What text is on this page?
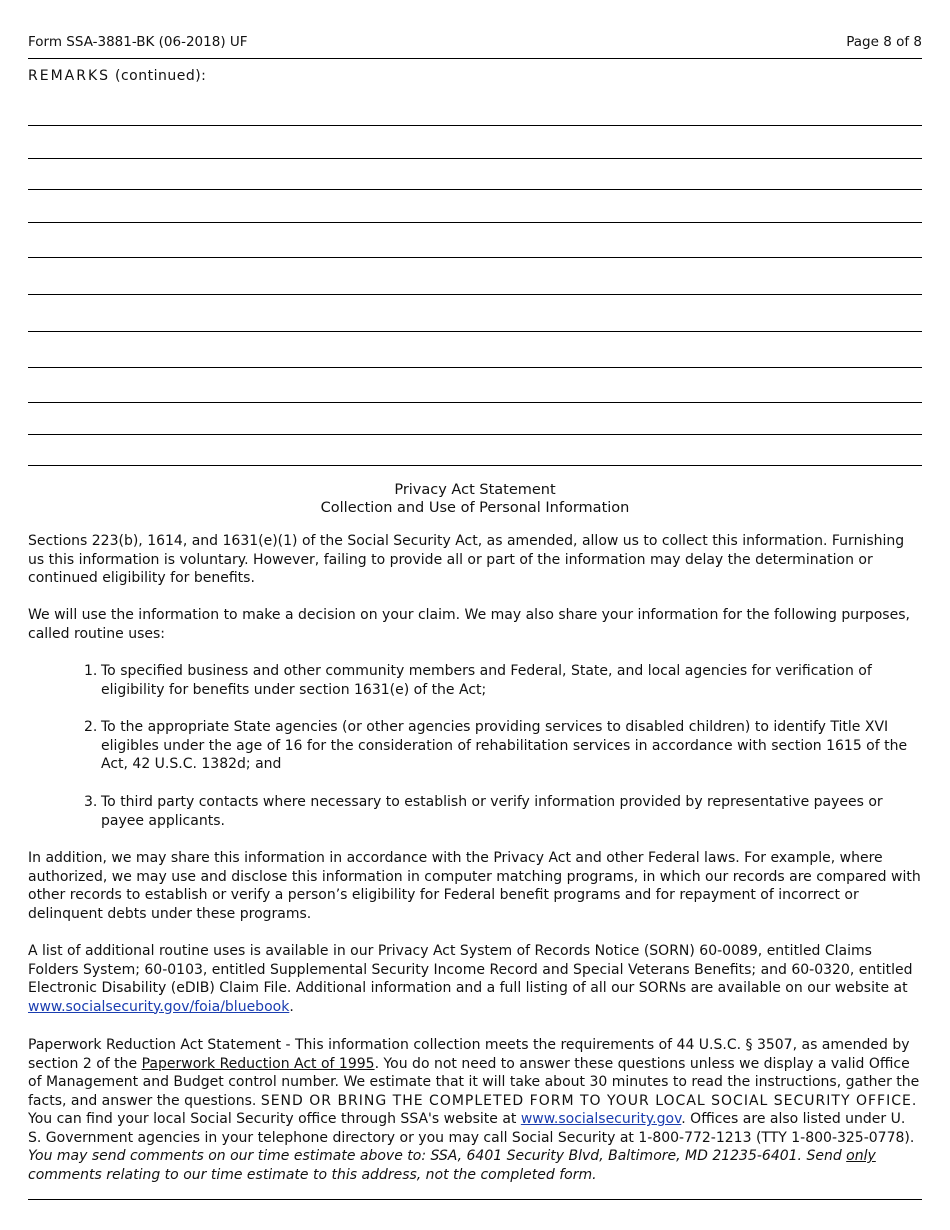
Form SSA-3881-BK (06-2018) UF	Page 8 of 8
REMARKS (continued):
Privacy Act Statement
Collection and Use of Personal Information
Sections 223(b), 1614, and 1631(e)(1) of the Social Security Act, as amended, allow us to collect this information. Furnishing us this information is voluntary. However, failing to provide all or part of the information may delay the determination or continued eligibility for benefits.
We will use the information to make a decision on your claim. We may also share your information for the following purposes, called routine uses:
1. To specified business and other community members and Federal, State, and local agencies for verification of eligibility for benefits under section 1631(e) of the Act;
2. To the appropriate State agencies (or other agencies providing services to disabled children) to identify Title XVI eligibles under the age of 16 for the consideration of rehabilitation services in accordance with section 1615 of the Act, 42 U.S.C. 1382d; and
3. To third party contacts where necessary to establish or verify information provided by representative payees or payee applicants.
In addition, we may share this information in accordance with the Privacy Act and other Federal laws. For example, where authorized, we may use and disclose this information in computer matching programs, in which our records are compared with other records to establish or verify a person’s eligibility for Federal benefit programs and for repayment of incorrect or delinquent debts under these programs.
A list of additional routine uses is available in our Privacy Act System of Records Notice (SORN) 60-0089, entitled Claims Folders System; 60-0103, entitled Supplemental Security Income Record and Special Veterans Benefits; and 60-0320, entitled Electronic Disability (eDIB) Claim File. Additional information and a full listing of all our SORNs are available on our website at www.socialsecurity.gov/foia/bluebook.
Paperwork Reduction Act Statement - This information collection meets the requirements of 44 U.S.C. § 3507, as amended by section 2 of the Paperwork Reduction Act of 1995. You do not need to answer these questions unless we display a valid Office of Management and Budget control number. We estimate that it will take about 30 minutes to read the instructions, gather the facts, and answer the questions. SEND OR BRING THE COMPLETED FORM TO YOUR LOCAL SOCIAL SECURITY OFFICE. You can find your local Social Security office through SSA's website at www.socialsecurity.gov. Offices are also listed under U. S. Government agencies in your telephone directory or you may call Social Security at 1-800-772-1213 (TTY 1-800-325-0778). You may send comments on our time estimate above to: SSA, 6401 Security Blvd, Baltimore, MD 21235-6401. Send only comments relating to our time estimate to this address, not the completed form.
